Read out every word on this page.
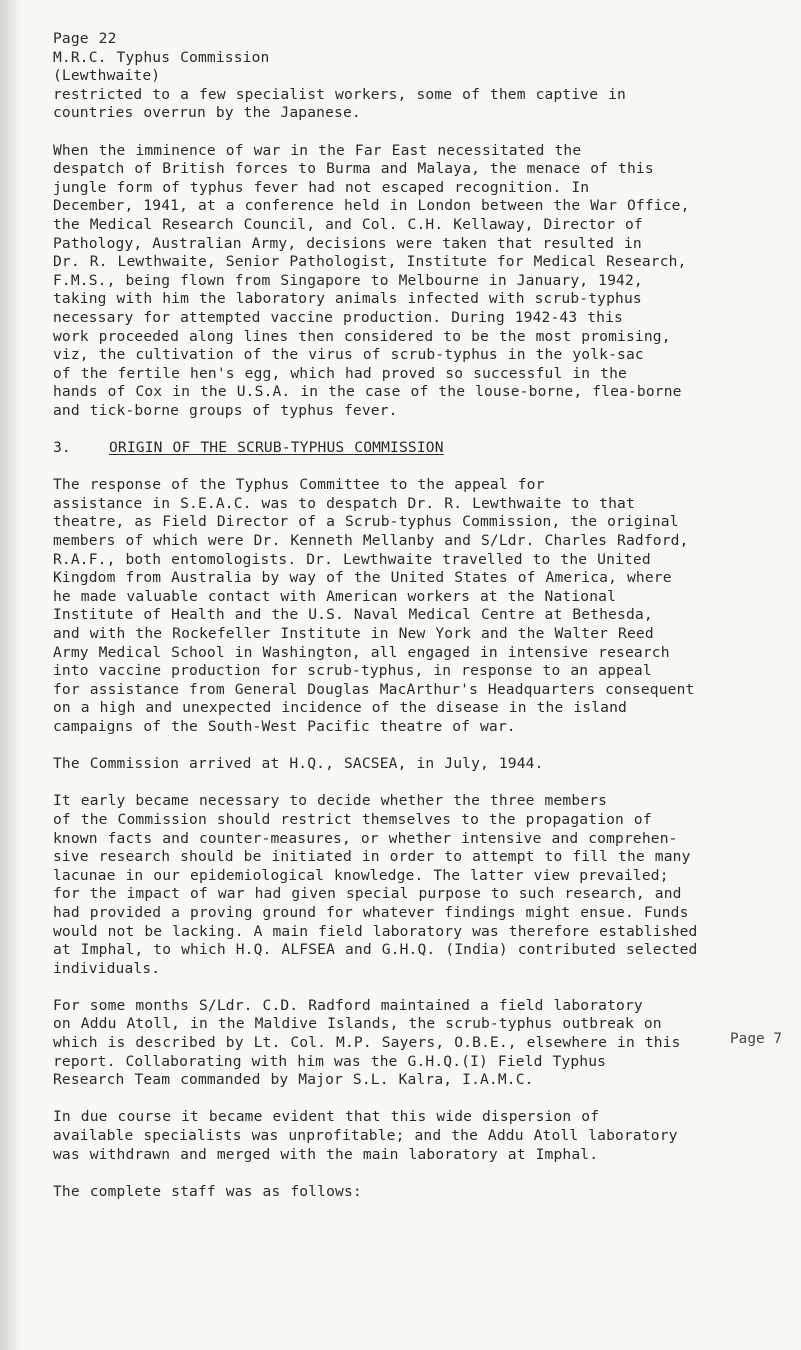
Page 22
M.R.C. Typhus Commission
(Lewthwaite)
restricted to a few specialist workers, some of them captive in
countries overrun by the Japanese.
When the imminence of war in the Far East necessitated the
despatch of British forces to Burma and Malaya, the menace of this
jungle form of typhus fever had not escaped recognition. In
December, 1941, at a conference held in London between the War Office,
the Medical Research Council, and Col. C.H. Kellaway, Director of
Pathology, Australian Army, decisions were taken that resulted in
Dr. R. Lewthwaite, Senior Pathologist, Institute for Medical Research,
F.M.S., being flown from Singapore to Melbourne in January, 1942,
taking with him the laboratory animals infected with scrub-typhus
necessary for attempted vaccine production. During 1942-43 this
work proceeded along lines then considered to be the most promising,
viz, the cultivation of the virus of scrub-typhus in the yolk-sac
of the fertile hen's egg, which had proved so successful in the
hands of Cox in the U.S.A. in the case of the louse-borne, flea-borne
and tick-borne groups of typhus fever.
3.	ORIGIN OF THE SCRUB-TYPHUS COMMISSION
The response of the Typhus Committee to the appeal for
assistance in S.E.A.C. was to despatch Dr. R. Lewthwaite to that
theatre, as Field Director of a Scrub-typhus Commission, the original
members of which were Dr. Kenneth Mellanby and S/Ldr. Charles Radford,
R.A.F., both entomologists. Dr. Lewthwaite travelled to the United
Kingdom from Australia by way of the United States of America, where
he made valuable contact with American workers at the National
Institute of Health and the U.S. Naval Medical Centre at Bethesda,
and with the Rockefeller Institute in New York and the Walter Reed
Army Medical School in Washington, all engaged in intensive research
into vaccine production for scrub-typhus, in response to an appeal
for assistance from General Douglas MacArthur's Headquarters consequent
on a high and unexpected incidence of the disease in the island
campaigns of the South-West Pacific theatre of war.
The Commission arrived at H.Q., SACSEA, in July, 1944.
It early became necessary to decide whether the three members
of the Commission should restrict themselves to the propagation of
known facts and counter-measures, or whether intensive and comprehen-
sive research should be initiated in order to attempt to fill the many
lacunae in our epidemiological knowledge. The latter view prevailed;
for the impact of war had given special purpose to such research, and
had provided a proving ground for whatever findings might ensue. Funds
would not be lacking. A main field laboratory was therefore established
at Imphal, to which H.Q. ALFSEA and G.H.Q. (India) contributed selected
individuals.
For some months S/Ldr. C.D. Radford maintained a field laboratory
on Addu Atoll, in the Maldive Islands, the scrub-typhus outbreak on
which is described by Lt. Col. M.P. Sayers, O.B.E., elsewhere in this
report. Collaborating with him was the G.H.Q.(I) Field Typhus
Research Team commanded by Major S.L. Kalra, I.A.M.C.
In due course it became evident that this wide dispersion of
available specialists was unprofitable; and the Addu Atoll laboratory
was withdrawn and merged with the main laboratory at Imphal.
The complete staff was as follows:
Page 7
